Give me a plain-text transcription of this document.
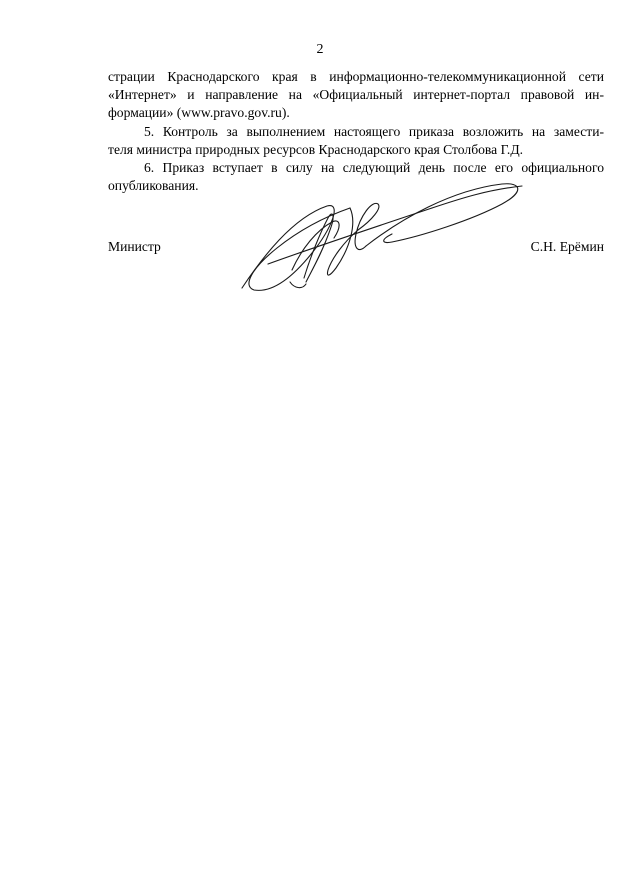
2
страции Краснодарского края в информационно-телекоммуникационной сети
«Интернет» и направление на «Официальный интернет-портал правовой ин-
формации» (www.pravo.gov.ru).
5. Контроль за выполнением настоящего приказа возложить на замести-
теля министра природных ресурсов Краснодарского края Столбова Г.Д.
6. Приказ вступает в силу на следующий день после его официального
опубликования.
Министр	С.Н. Ерёмин
